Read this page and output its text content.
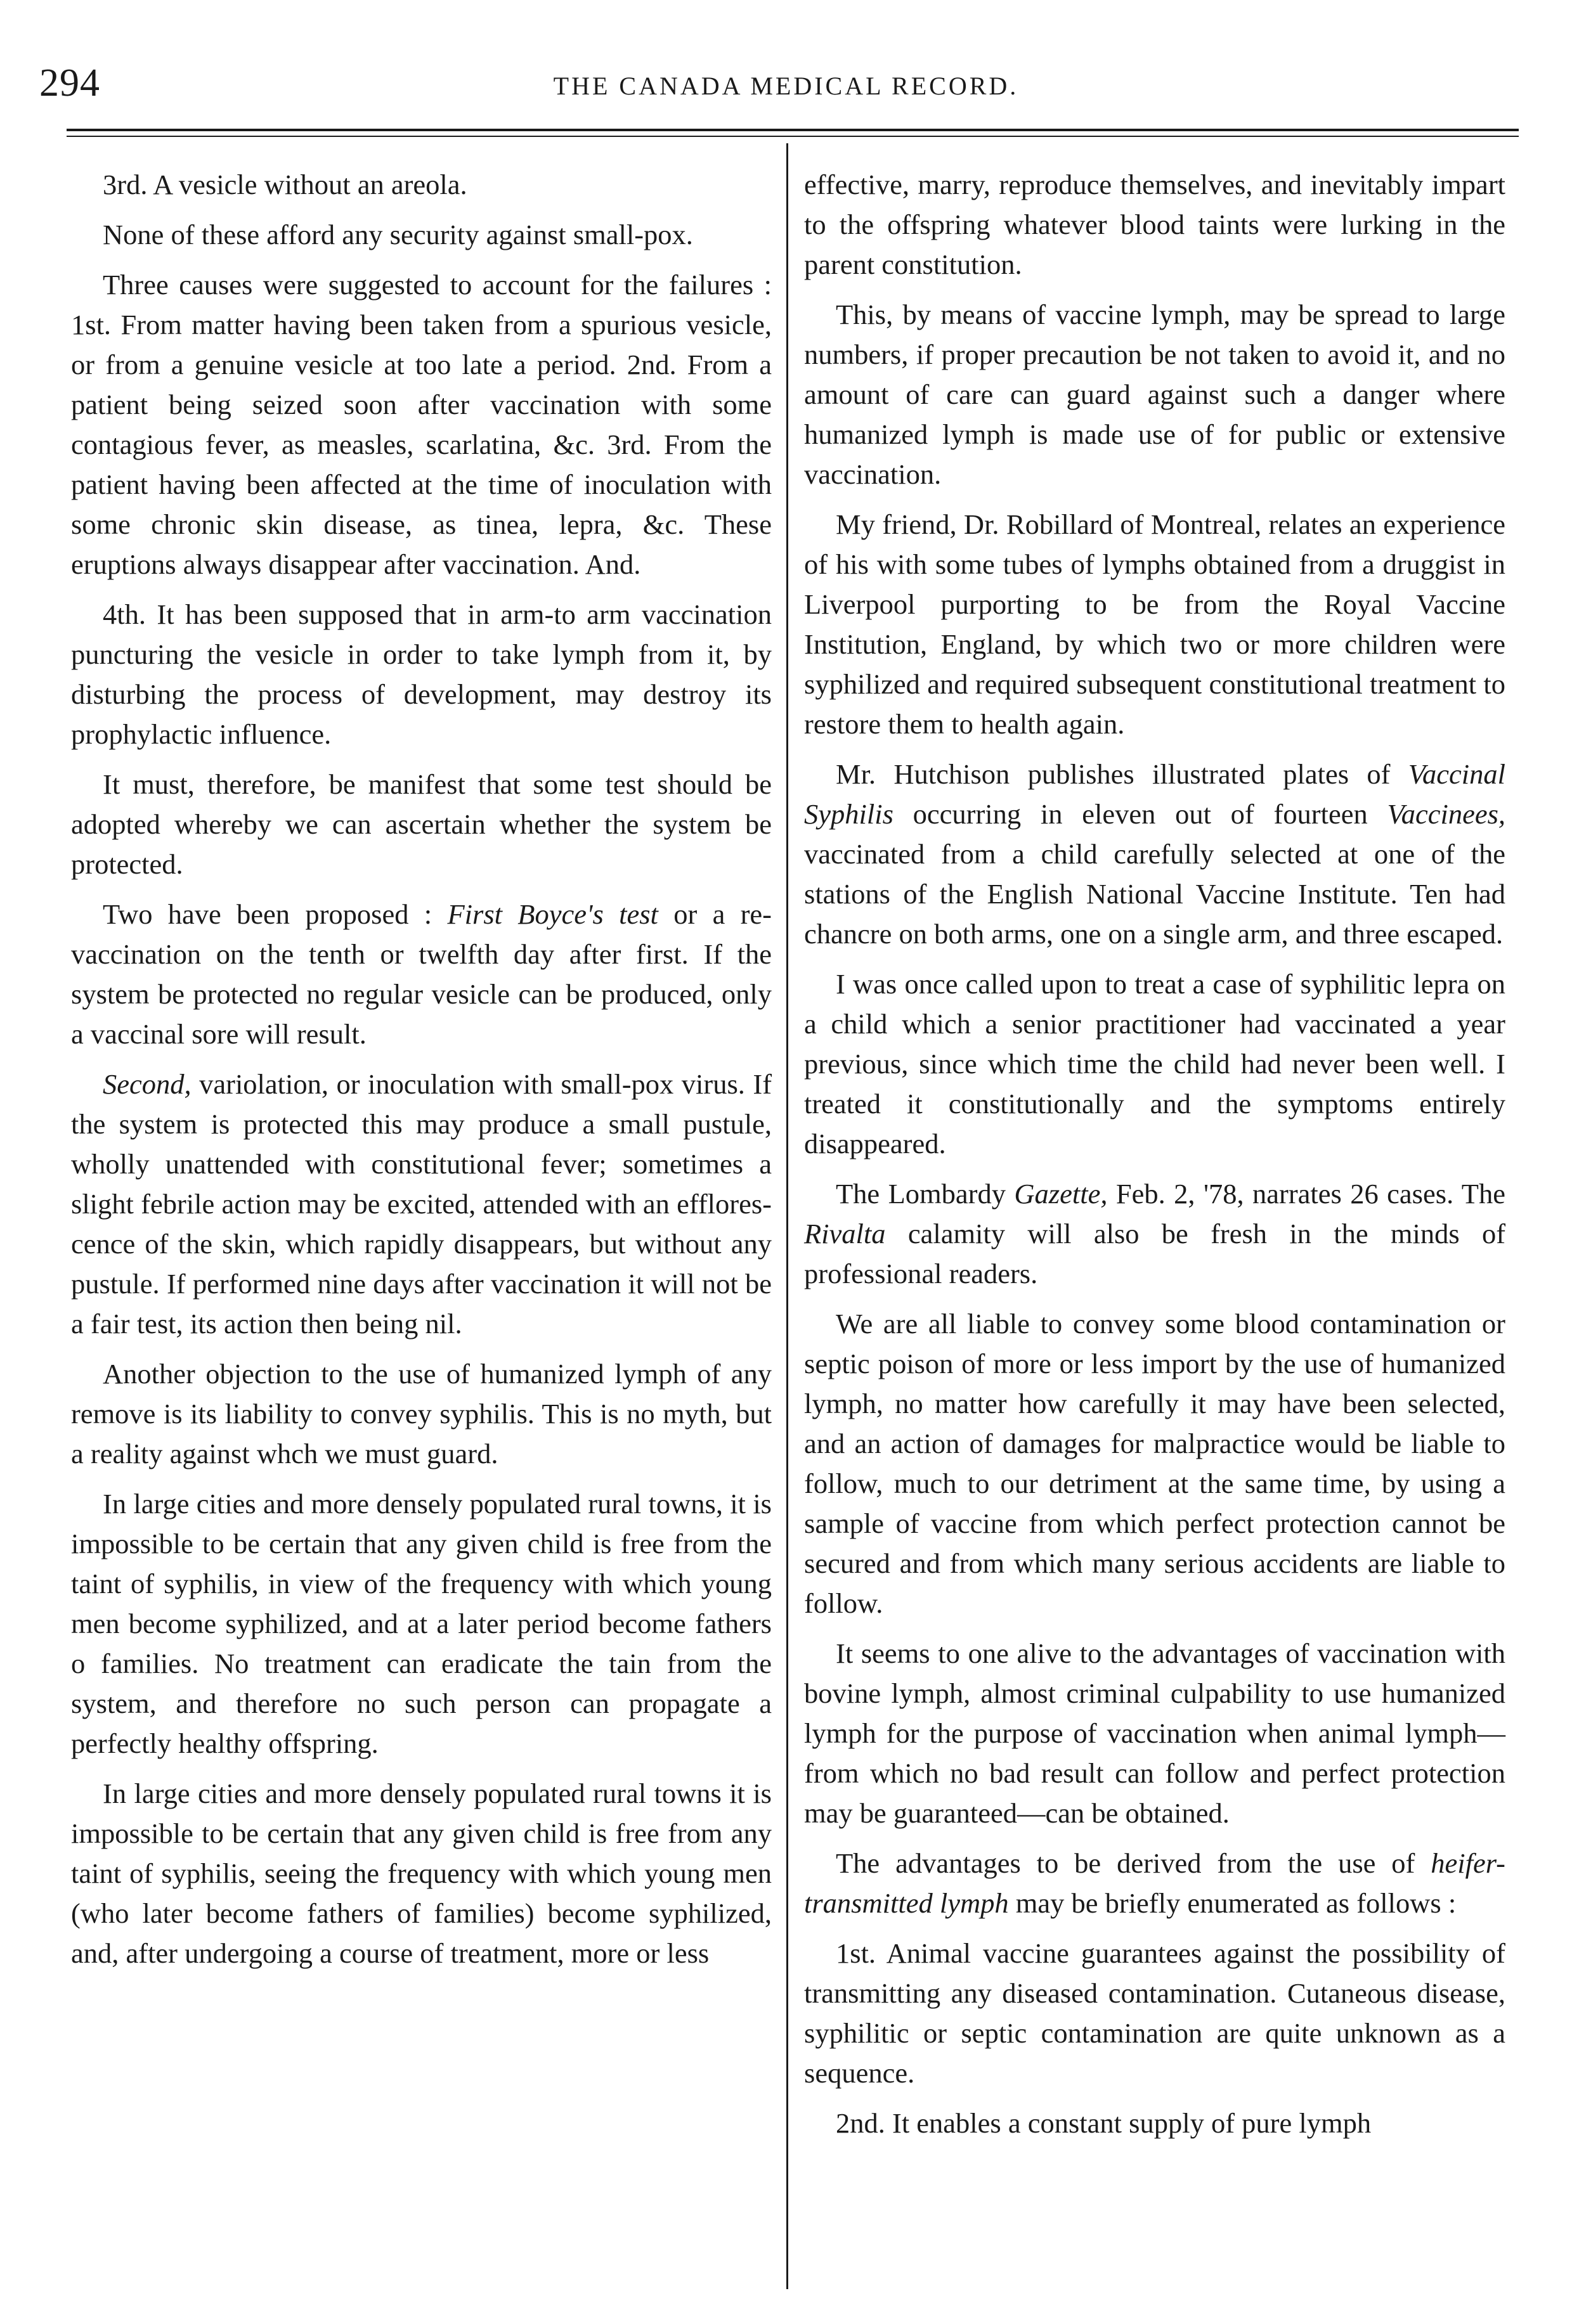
294	THE CANADA MEDICAL RECORD.

3rd. A vesicle without an areola.

None of these afford any security against small-pox.

Three causes were suggested to account for the failures : 1st. From matter having been taken from a spurious vesicle, or from a genuine vesicle at too late a period. 2nd. From a patient being seized soon after vaccination with some contagious fever, as measles, scarlatina, &c. 3rd. From the patient having been affected at the time of inoculation with some chronic skin disease, as tinea, lepra, &c. These eruptions always disappear after vaccination. And.

4th. It has been supposed that in arm-to arm vaccination puncturing the vesicle in order to take lymph from it, by disturbing the process of development, may destroy its prophylactic influence.

It must, therefore, be manifest that some test should be adopted whereby we can ascertain whether the system be protected.

Two have been proposed : First Boyce's test or a re-vaccination on the tenth or twelfth day after first. If the system be protected no regular vesicle can be produced, only a vaccinal sore will result.

Second, variolation, or inoculation with small-pox virus. If the system is protected this may produce a small pustule, wholly unattended with constitutional fever; sometimes a slight febrile action may be excited, attended with an efflorescence of the skin, which rapidly disappears, but without any pustule. If performed nine days after vaccination it will not be a fair test, its action then being nil.

Another objection to the use of humanized lymph of any remove is its liability to convey syphilis. This is no myth, but a reality against whch we must guard.

In large cities and more densely populated rural towns, it is impossible to be certain that any given child is free from the taint of syphilis, in view of the frequency with which young men become syphilized, and at a later period become fathers o families. No treatment can eradicate the tain from the system, and therefore no such person can propagate a perfectly healthy offspring.

In large cities and more densely populated rural towns it is impossible to be certain that any given child is free from any taint of syphilis, seeing the frequency with which young men (who later become fathers of families) become syphilized, and, after undergoing a course of treatment, more or less

effective, marry, reproduce themselves, and inevitably impart to the offspring whatever blood taints were lurking in the parent constitution.

This, by means of vaccine lymph, may be spread to large numbers, if proper precaution be not taken to avoid it, and no amount of care can guard against such a danger where humanized lymph is made use of for public or extensive vaccination.

My friend, Dr. Robillard of Montreal, relates an experience of his with some tubes of lymphs obtained from a druggist in Liverpool purporting to be from the Royal Vaccine Institution, England, by which two or more children were syphilized and required subsequent constitutional treatment to restore them to health again.

Mr. Hutchison publishes illustrated plates of Vaccinal Syphilis occurring in eleven out of fourteen Vaccinees, vaccinated from a child carefully selected at one of the stations of the English National Vaccine Institute. Ten had chancre on both arms, one on a single arm, and three escaped.

I was once called upon to treat a case of syphilitic lepra on a child which a senior practitioner had vaccinated a year previous, since which time the child had never been well. I treated it constitutionally and the symptoms entirely disappeared.

The Lombardy Gazette, Feb. 2, '78, narrates 26 cases. The Rivalta calamity will also be fresh in the minds of professional readers.

We are all liable to convey some blood contamination or septic poison of more or less import by the use of humanized lymph, no matter how carefully it may have been selected, and an action of damages for malpractice would be liable to follow, much to our detriment at the same time, by using a sample of vaccine from which perfect protection cannot be secured and from which many serious accidents are liable to follow.

It seems to one alive to the advantages of vaccination with bovine lymph, almost criminal culpability to use humanized lymph for the purpose of vaccination when animal lymph—from which no bad result can follow and perfect protection may be guaranteed—can be obtained.

The advantages to be derived from the use of heifer-transmitted lymph may be briefly enumerated as follows :

1st. Animal vaccine guarantees against the possibility of transmitting any diseased contamination. Cutaneous disease, syphilitic or septic contamination are quite unknown as a sequence.

2nd. It enables a constant supply of pure lymph
